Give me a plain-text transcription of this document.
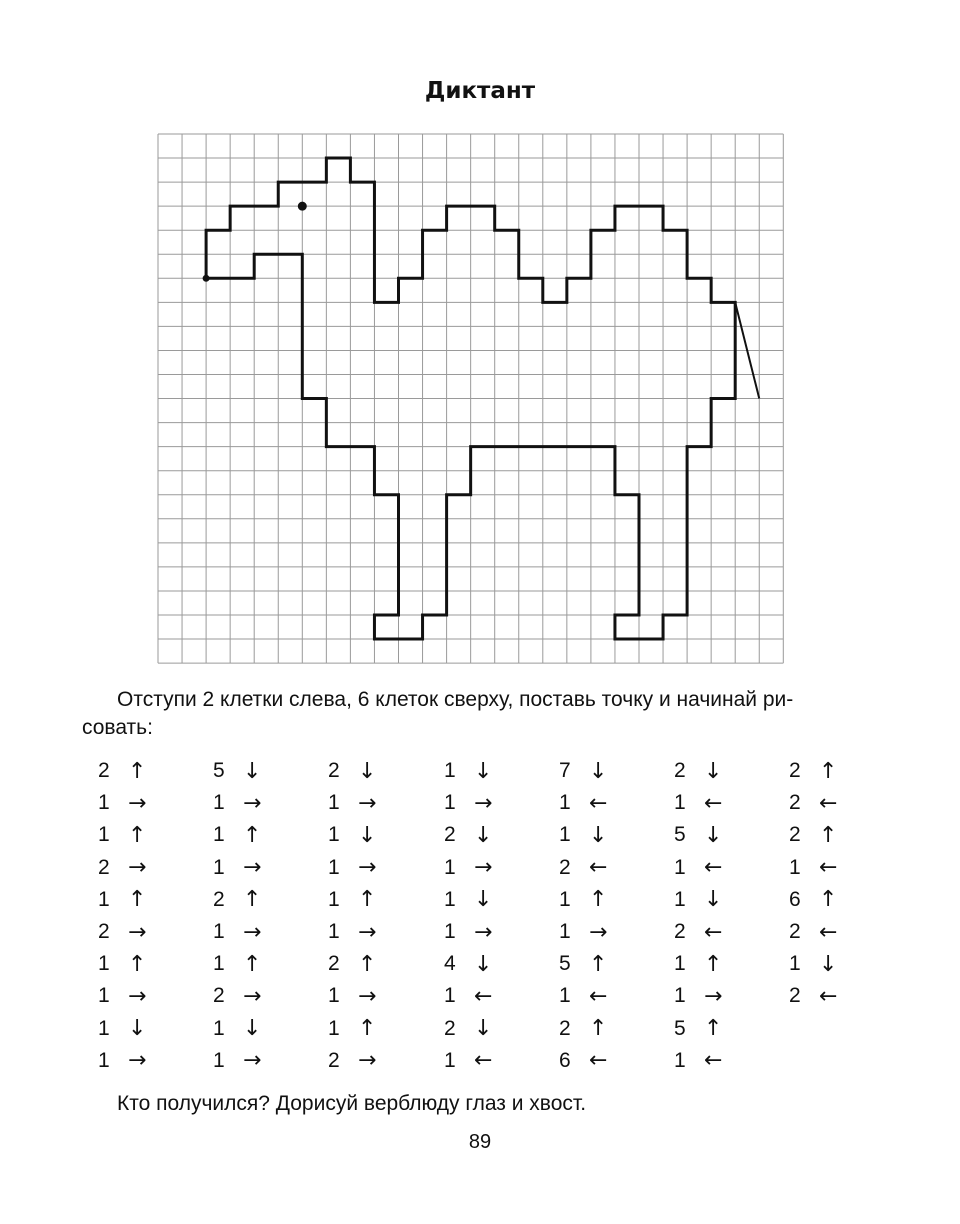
Диктант
Отступи 2 клетки слева, 6 клеток сверху, поставь точку и начинай ри-
совать:
2 ↑
1 →
1 ↑
2 →
1 ↑
2 →
1 ↑
1 →
1 ↓
1 →
5 ↓
1 →
1 ↑
1 →
2 ↑
1 →
1 ↑
2 →
1 ↓
1 →
2 ↓
1 →
1 ↓
1 →
1 ↑
1 →
2 ↑
1 →
1 ↑
2 →
1 ↓
1 →
2 ↓
1 →
1 ↓
1 →
4 ↓
1 ←
2 ↓
1 ←
7 ↓
1 ←
1 ↓
2 ←
1 ↑
1 →
5 ↑
1 ←
2 ↑
6 ←
2 ↓
1 ←
5 ↓
1 ←
1 ↓
2 ←
1 ↑
1 →
5 ↑
1 ←
2 ↑
2 ←
2 ↑
1 ←
6 ↑
2 ←
1 ↓
2 ←
Кто получился? Дорисуй верблюду глаз и хвост.
89
